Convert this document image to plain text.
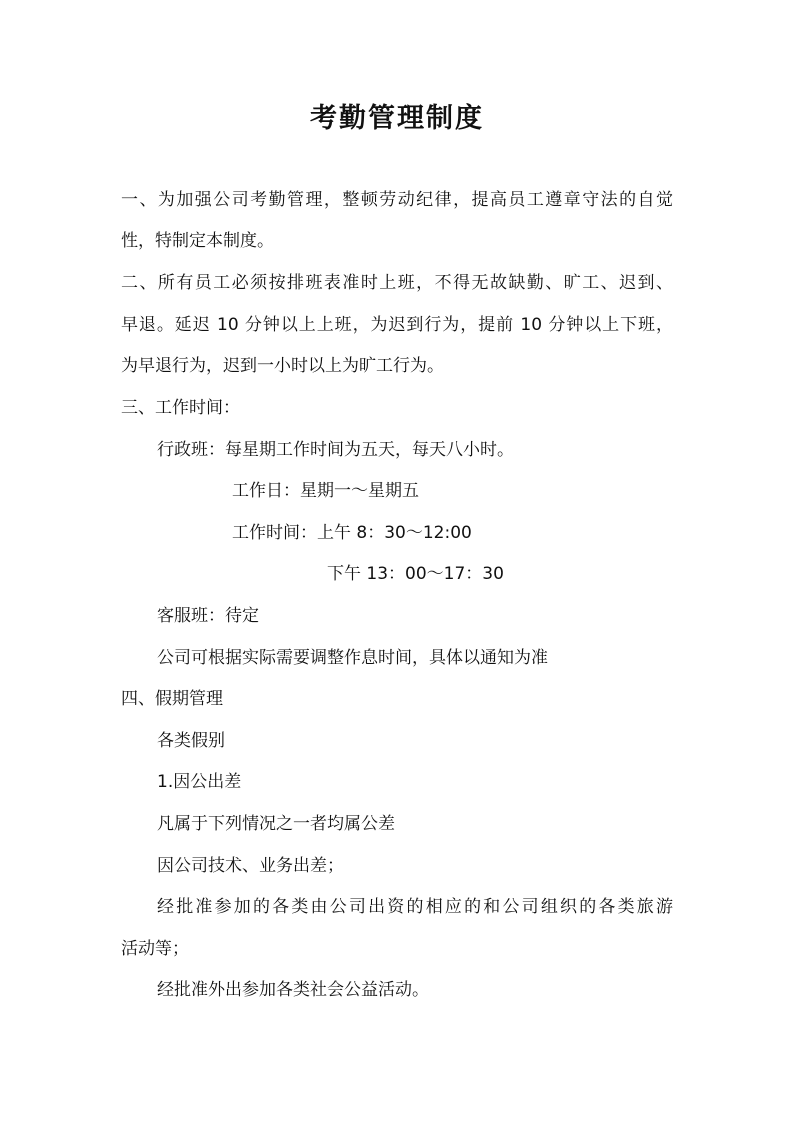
考勤管理制度
一、为加强公司考勤管理，整顿劳动纪律，提高员工遵章守法的自觉
性，特制定本制度。
二、所有员工必须按排班表准时上班，不得无故缺勤、旷工、迟到、
早退。延迟 10 分钟以上上班，为迟到行为，提前 10 分钟以上下班，
为早退行为，迟到一小时以上为旷工行为。
三、工作时间：
行政班：每星期工作时间为五天，每天八小时。
工作日：星期一～星期五
工作时间：上午 8：30～12:00
下午 13：00～17：30
客服班：待定
公司可根据实际需要调整作息时间，具体以通知为准
四、假期管理
各类假别
1.因公出差
凡属于下列情况之一者均属公差
因公司技术、业务出差；
经批准参加的各类由公司出资的相应的和公司组织的各类旅游
活动等；
经批准外出参加各类社会公益活动。
